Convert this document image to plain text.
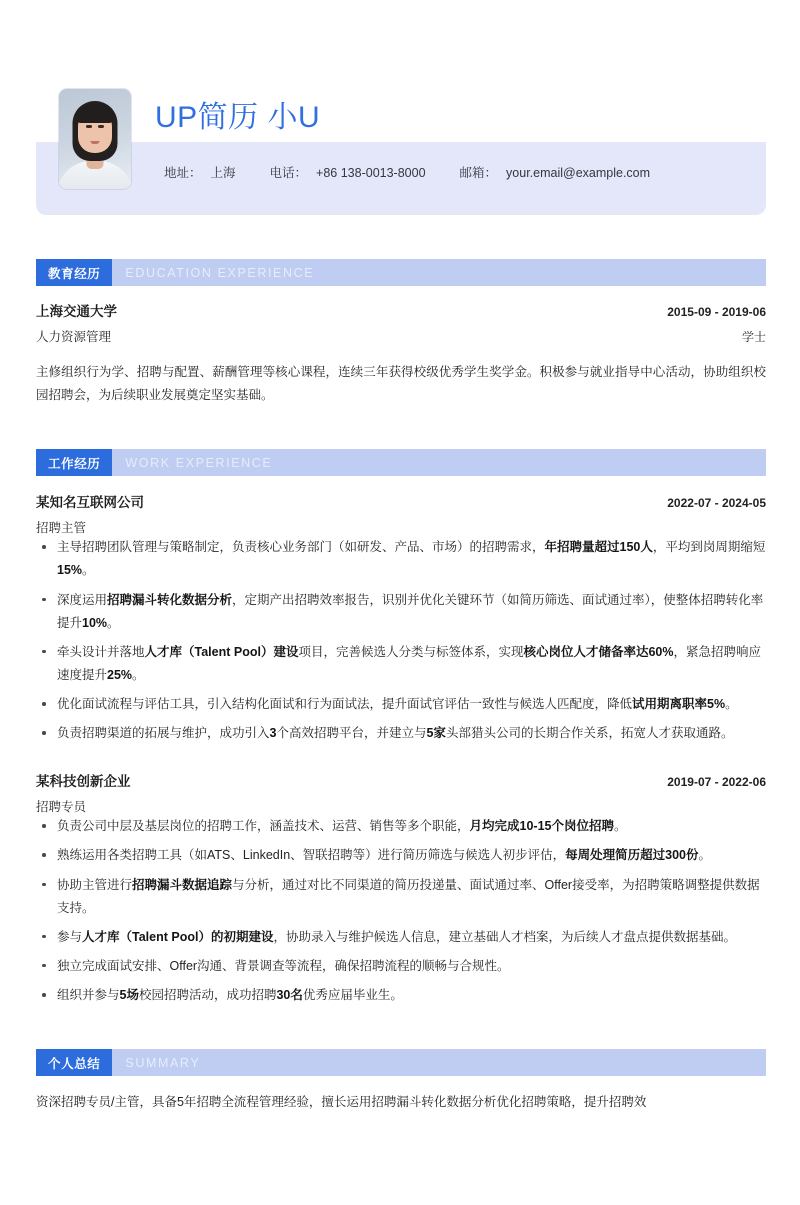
UP简历 小U
地址： 上海	电话： +86 138-0013-8000	邮箱： your.email@example.com
教育经历	EDUCATION EXPERIENCE
上海交通大学	2015-09 - 2019-06
人力资源管理	学士
主修组织行为学、招聘与配置、薪酬管理等核心课程，连续三年获得校级优秀学生奖学金。积极参与就业指导中心活动，协助组织校园招聘会，为后续职业发展奠定坚实基础。
工作经历	WORK EXPERIENCE
某知名互联网公司	2022-07 - 2024-05
招聘主管
主导招聘团队管理与策略制定，负责核心业务部门（如研发、产品、市场）的招聘需求，年招聘量超过150人，平均到岗周期缩短15%。
深度运用招聘漏斗转化数据分析，定期产出招聘效率报告，识别并优化关键环节（如简历筛选、面试通过率），使整体招聘转化率提升10%。
牵头设计并落地人才库（Talent Pool）建设项目，完善候选人分类与标签体系，实现核心岗位人才储备率达60%，紧急招聘响应速度提升25%。
优化面试流程与评估工具，引入结构化面试和行为面试法，提升面试官评估一致性与候选人匹配度，降低试用期离职率5%。
负责招聘渠道的拓展与维护，成功引入3个高效招聘平台，并建立与5家头部猎头公司的长期合作关系，拓宽人才获取通路。
某科技创新企业	2019-07 - 2022-06
招聘专员
负责公司中层及基层岗位的招聘工作，涵盖技术、运营、销售等多个职能，月均完成10-15个岗位招聘。
熟练运用各类招聘工具（如ATS、LinkedIn、智联招聘等）进行简历筛选与候选人初步评估，每周处理简历超过300份。
协助主管进行招聘漏斗数据追踪与分析，通过对比不同渠道的简历投递量、面试通过率、Offer接受率，为招聘策略调整提供数据支持。
参与人才库（Talent Pool）的初期建设，协助录入与维护候选人信息，建立基础人才档案，为后续人才盘点提供数据基础。
独立完成面试安排、Offer沟通、背景调查等流程，确保招聘流程的顺畅与合规性。
组织并参与5场校园招聘活动，成功招聘30名优秀应届毕业生。
个人总结	SUMMARY
资深招聘专员/主管，具备5年招聘全流程管理经验，擅长运用招聘漏斗转化数据分析优化招聘策略，提升招聘效
